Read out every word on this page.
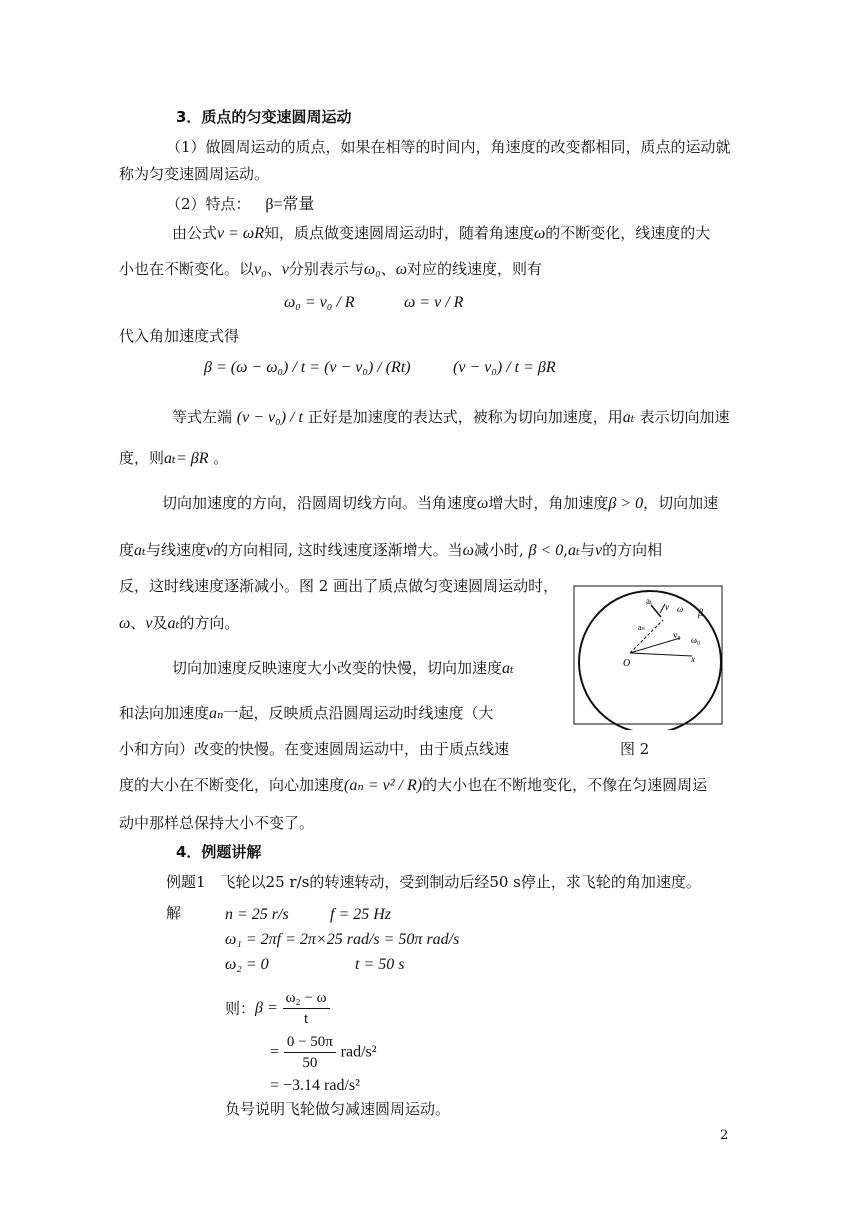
3．质点的匀变速圆周运动
（1）做圆周运动的质点，如果在相等的时间内，角速度的改变都相同，质点的运动就
称为匀变速圆周运动。
（2）特点： β=常量
由公式v = ωR知，质点做变速圆周运动时，随着角速度ω的不断变化，线速度的大
小也在不断变化。以v₀、v分别表示与ω₀、ω对应的线速度，则有
ω₀ = v₀ / R	ω = v / R
代入角加速度式得
β = (ω − ω₀) / t = (v − v₀) / (Rt)	(v − v₀) / t = βR
等式左端 (v − v₀) / t 正好是加速度的表达式，被称为切向加速度，用aₜ 表示切向加速
度，则aₜ= βR 。
切向加速度的方向，沿圆周切线方向。当角速度ω增大时，角加速度β > 0，切向加速
度aₜ与线速度v的方向相同, 这时线速度逐渐增大。当ω减小时, β < 0,aₜ与v的方向相
反，这时线速度逐渐减小。图 2 画出了质点做匀变速圆周运动时，
ω、v及aₜ的方向。
切向加速度反映速度大小改变的快慢，切向加速度aₜ
和法向加速度aₙ一起，反映质点沿圆周运动时线速度（大
小和方向）改变的快慢。在变速圆周运动中，由于质点线速
度的大小在不断变化，向心加速度(aₙ = v² / R)的大小也在不断地变化，不像在匀速圆周运
动中那样总保持大小不变了。
aₜ
v ω β
aₙ
v₀ ω₀
O	x
图 2
4．例题讲解
例题1　飞轮以25 r/s的转速转动，受到制动后经50 s停止，求飞轮的角加速度。
解	n = 25 r/s	f = 25 Hz
ω₁ = 2πf = 2π×25 rad/s = 50π rad/s
ω₂ = 0	t = 50 s
则：$\beta = \frac{\text{ω₂ − ω}}{t}$
= $\frac{0 - 50\pi}{50} rad/s^2$
= −3.14 rad/s²
负号说明飞轮做匀减速圆周运动。
2
